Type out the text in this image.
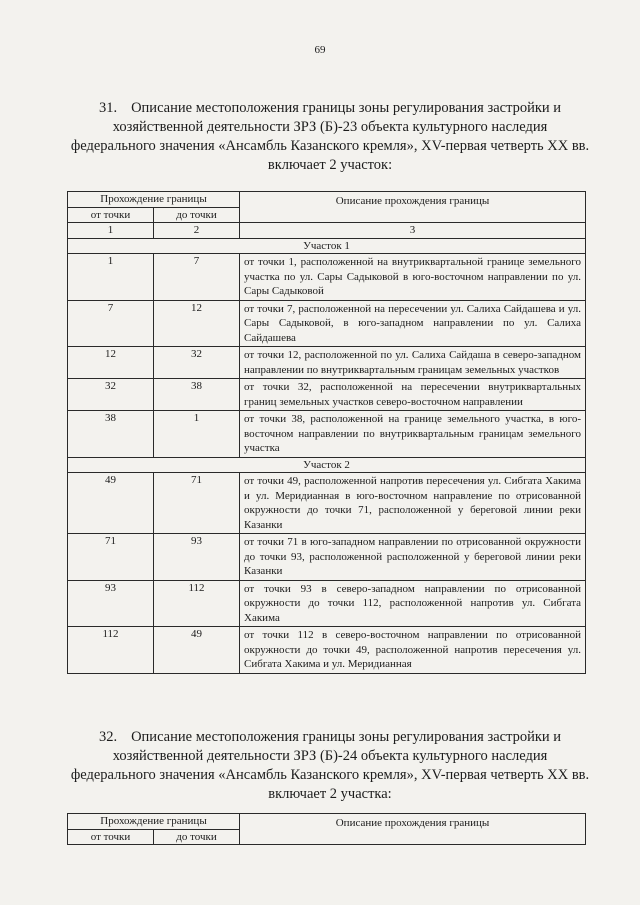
69
31. Описание местоположения границы зоны регулирования застройки и хозяйственной деятельности ЗРЗ (Б)-23 объекта культурного наследия федерального значения «Ансамбль Казанского кремля», XV-первая четверть XX вв. включает 2 участок:
Прохождение границы		Описание прохождения границы
от точки	до точки	
1	2	3
Участок 1		
1	7	от точки 1, расположенной на внутриквартальной границе земельного участка по ул. Сары Садыковой в юго-восточном направлении по ул. Сары Садыковой
7	12	от точки 7, расположенной на пересечении ул. Салиха Сайдашева и ул. Сары Садыковой, в юго-западном направлении по ул. Салиха Сайдашева
12	32	от точки 12, расположенной по ул. Салиха Сайдаша в северо-западном направлении по внутриквартальным границам земельных участков
32	38	от точки 32, расположенной на пересечении внутриквартальных границ земельных участков северо-восточном направлении
38	1	от точки 38, расположенной на границе земельного участка, в юго-восточном направлении по внутриквартальным границам земельного участка
Участок 2		
49	71	от точки 49, расположенной напротив пересечения ул. Сибгата Хакима и ул. Меридианная в юго-восточном направление по отрисованной окружности до точки 71, расположенной у береговой линии реки Казанки
71	93	от точки 71 в юго-западном направлении по отрисованной окружности до точки 93, расположенной расположенной у береговой линии реки Казанки
93	112	от точки 93 в северо-западном направлении по отрисованной окружности до точки 112, расположенной напротив ул. Сибгата Хакима
112	49	от точки 112 в северо-восточном направлении по отрисованной окружности до точки 49, расположенной напротив пересечения ул. Сибгата Хакима и ул. Меридианная
32. Описание местоположения границы зоны регулирования застройки и хозяйственной деятельности ЗРЗ (Б)-24 объекта культурного наследия федерального значения «Ансамбль Казанского кремля», XV-первая четверть XX вв. включает 2 участка:
Прохождение границы		Описание прохождения границы
от точки	до точки	
